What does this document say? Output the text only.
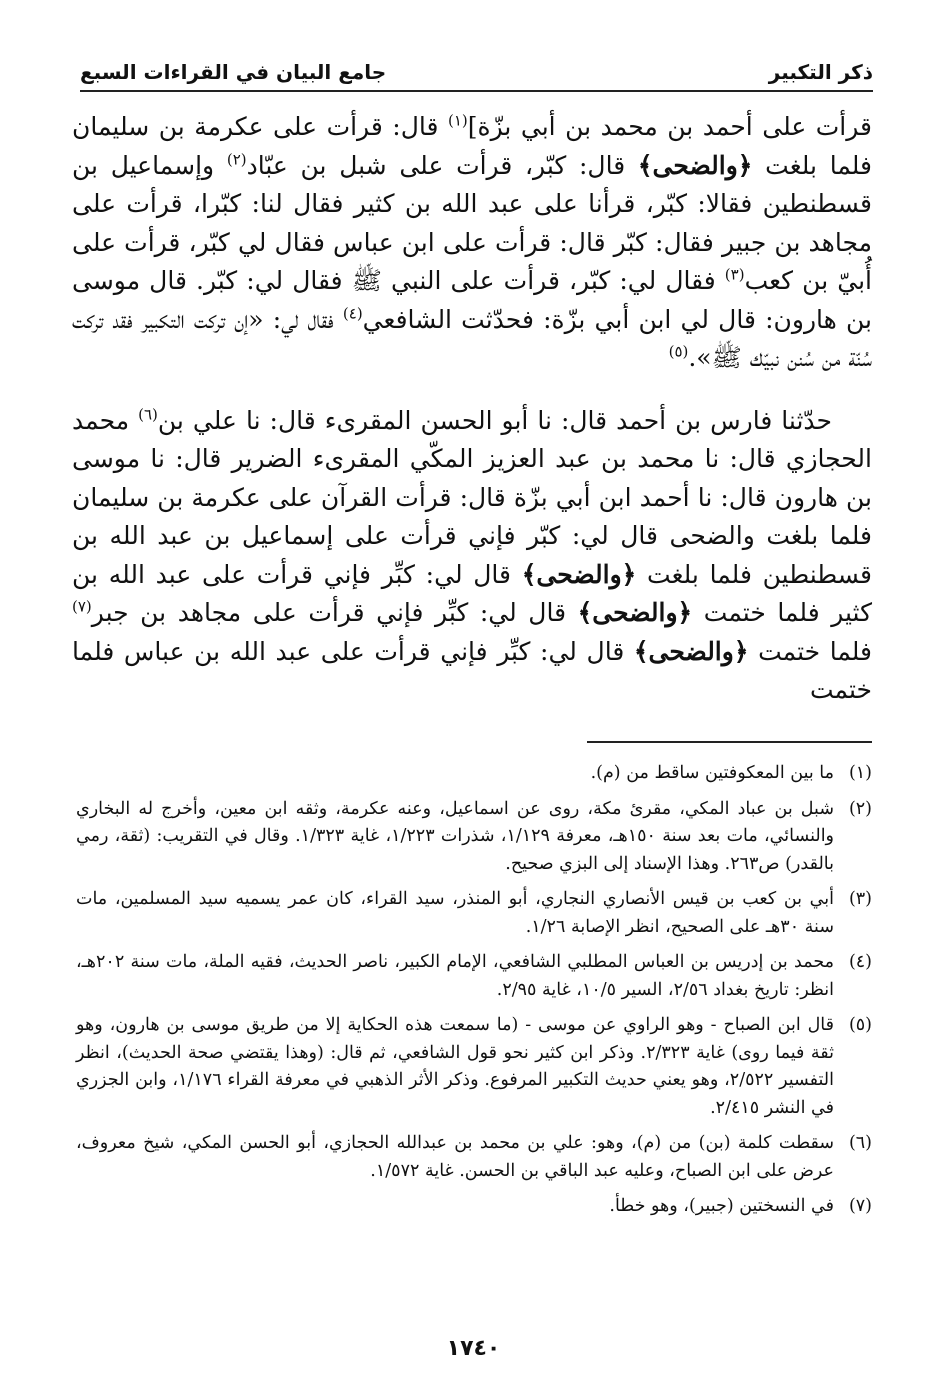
ذكر التكبير
جامع البيان في القراءات السبع

قرأت على أحمد بن محمد بن أبي بزّة]$^{(١)}$ قال: قرأت على عكرمة بن سليمان فلما بلغت ﴿والضحى﴾ قال: كبّر، قرأت على شبل بن عبّاد$^{(٢)}$ وإسماعيل بن قسطنطين فقالا: كبّر، قرأنا على عبد الله بن كثير فقال لنا: كبّرا، قرأت على مجاهد بن جبير فقال: كبّر قال: قرأت على ابن عباس فقال لي كبّر، قرأت على أُبيّ بن كعب$^{(٣)}$ فقال لي: كبّر، قرأت على النبي ﷺ فقال لي: كبّر. قال موسى بن هارون: قال لي ابن أبي بزّة: فحدّثت الشافعي$^{(٤)}$ فقال لي: «إن تركت التكبير فقد تركت سُنّة من سُنن نبيّك ﷺ».$^{(٥)}$

حدّثنا فارس بن أحمد قال: نا أبو الحسن المقرىء قال: نا علي بن$^{(٦)}$ محمد الحجازي قال: نا محمد بن عبد العزيز المكّي المقرىء الضرير قال: نا موسى بن هارون قال: نا أحمد ابن أبي بزّة قال: قرأت القرآن على عكرمة بن سليمان فلما بلغت والضحى قال لي: كبّر فإني قرأت على إسماعيل بن عبد الله بن قسطنطين فلما بلغت ﴿والضحى﴾ قال لي: كبِّر فإني قرأت على عبد الله بن كثير فلما ختمت ﴿والضحى﴾ قال لي: كبِّر فإني قرأت على مجاهد بن جبر$^{(٧)}$ فلما ختمت ﴿والضحى﴾ قال لي: كبِّر فإني قرأت على عبد الله بن عباس فلما ختمت

(١)
ما بين المعكوفتين ساقط من (م).
(٢)
شبل بن عباد المكي، مقرئ مكة، روى عن اسماعيل، وعنه عكرمة، وثقه ابن معين، وأخرج له البخاري والنسائي، مات بعد سنة ١٥٠هـ، معرفة ١/١٢٩، شذرات ١/٢٢٣، غاية ١/٣٢٣. وقال في التقريب: (ثقة، رمي بالقدر) ص٢٦٣. وهذا الإسناد إلى البزي صحيح.
(٣)
أبي بن كعب بن قيس الأنصاري النجاري، أبو المنذر، سيد القراء، كان عمر يسميه سيد المسلمين، مات سنة ٣٠هـ على الصحيح، انظر الإصابة ١/٢٦.
(٤)
محمد بن إدريس بن العباس المطلبي الشافعي، الإمام الكبير، ناصر الحديث، فقيه الملة، مات سنة ٢٠٢هـ، انظر: تاريخ بغداد ٢/٥٦، السير ١٠/٥، غاية ٢/٩٥.
(٥)
قال ابن الصباح - وهو الراوي عن موسى - (ما سمعت هذه الحكاية إلا من طريق موسى بن هارون، وهو ثقة فيما روى) غاية ٢/٣٢٣. وذكر ابن كثير نحو قول الشافعي، ثم قال: (وهذا يقتضي صحة الحديث)، انظر التفسير ٢/٥٢٢، وهو يعني حديث التكبير المرفوع. وذكر الأثر الذهبي في معرفة القراء ١/١٧٦، وابن الجزري في النشر ٢/٤١٥.
(٦)
سقطت كلمة (بن) من (م)، وهو: علي بن محمد بن عبدالله الحجازي، أبو الحسن المكي، شيخ معروف، عرض على ابن الصباح، وعليه عبد الباقي بن الحسن. غاية ١/٥٧٢.
(٧)
في النسختين (جبير)، وهو خطأ.
١٧٤٠
